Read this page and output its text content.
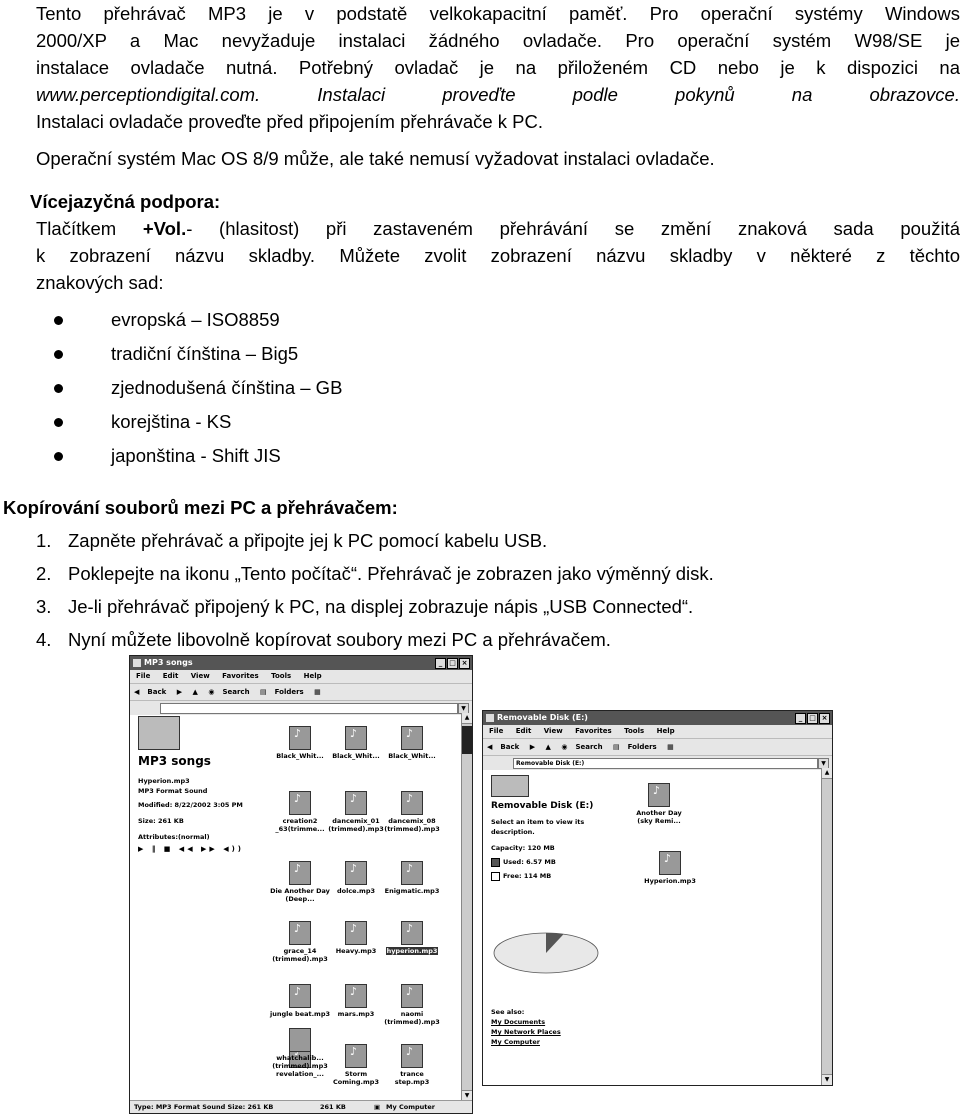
Tento přehrávač MP3 je v podstatě velkokapacitní paměť. Pro operační systémy Windows
2000/XP a Mac nevyžaduje instalaci žádného ovladače. Pro operační systém W98/SE je
instalace ovladače nutná. Potřebný ovladač je na přiloženém CD nebo je k dispozici na
www.perceptiondigital.com. Instalaci proveďte podle pokynů na obrazovce.
Instalaci ovladače proveďte před připojením přehrávače k PC.
Operační systém Mac OS 8/9 může, ale také nemusí vyžadovat instalaci ovladače.
Vícejazyčná podpora:
Tlačítkem +Vol.- (hlasitost) při zastaveném přehrávání se změní znaková sada použitá
k zobrazení názvu skladby. Můžete zvolit zobrazení názvu skladby v některé z těchto
znakových sad:
evropská – ISO8859
tradiční čínština – Big5
zjednodušená čínština – GB
korejština - KS
japonština - Shift JIS
Kopírování souborů mezi PC a přehrávačem:
1. Zapněte přehrávač a připojte jej k PC pomocí kabelu USB.
2. Poklepejte na ikonu „Tento počítač“. Přehrávač je zobrazen jako výměnný disk.
3. Je-li přehrávač připojený k PC, na displej zobrazuje nápis „USB Connected“.
4. Nyní můžete libovolně kopírovat soubory mezi PC a přehrávačem.
MP3 songs	_ □ ×
File Edit View Favorites Tools Help
◀ Back ▶ ▲ ◉ Search ▤ Folders ▦
▼
MP3 songs
Hyperion.mp3
MP3 Format Sound
Modified: 8/22/2002 3:05 PM
Size: 261 KB
Attributes:(normal)
▶ ‖ ■ ◀◀ ▶▶ ◀))
♪
Black_Whit...
♪	Black_Whit...
♪	Black_Whit...
♪
creation2 _63(trimme...
♪
dancemix_01 (trimmed).mp3
♪
dancemix_08 (trimmed).mp3
♪
Die Another Day (Deep...
♪
dolce.mp3
♪	Enigmatic.mp3
♪
grace_14 (trimmed).mp3
♪
Heavy.mp3
♪	hyperion.mp3
♪
jungle beat.mp3
♪	mars.mp3
♪	naomi (trimmed).mp3
♪
revelation_...
♪	Storm Coming.mp3
♪
trance step.mp3
whatchalib... (trimmed).mp3
▲
▼
Type: MP3 Format Sound Size: 261 KB	261 KB	▣ My Computer
Removable Disk (E:)	_ □ ×
File Edit View Favorites Tools Help
◀ Back ▶ ▲ ◉ Search ▤ Folders ▦
Removable Disk (E:)	▼
Removable Disk (E:)
Select an item to view its description.
Capacity: 120 MB
Used: 6.57 MB
Free: 114 MB
See also:
My Documents
My Network Places
My Computer
♪
Another Day (sky Remi...
♪
Hyperion.mp3
▲
▼
